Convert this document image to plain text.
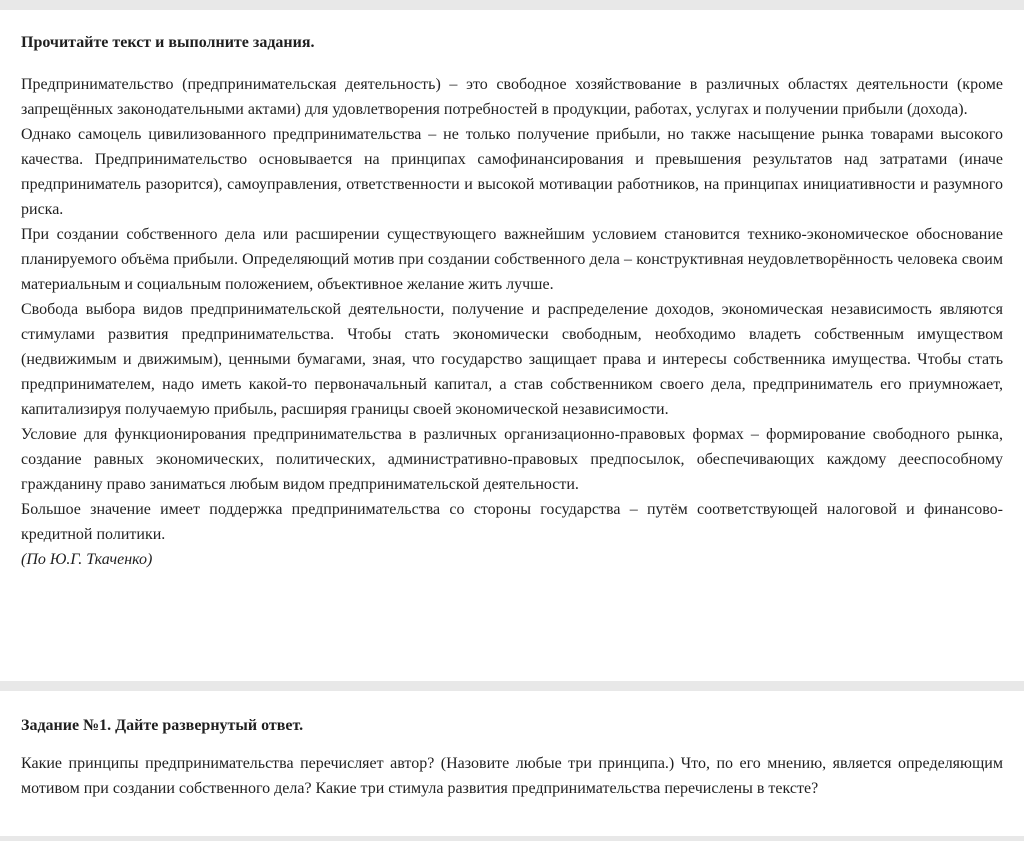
Прочитайте текст и выполните задания.

Предпринимательство (предпринимательская деятельность) – это свободное хозяйствование в различных областях деятельности (кроме запрещённых законодательными актами) для удовлетворения потребностей в продукции, работах, услугах и получении прибыли (дохода).

Однако самоцель цивилизованного предпринимательства – не только получение прибыли, но также насыщение рынка товарами высокого качества. Предпринимательство основывается на принципах самофинансирования и превышения результатов над затратами (иначе предприниматель разорится), самоуправления, ответственности и высокой мотивации работников, на принципах инициативности и разумного риска.

При создании собственного дела или расширении существующего важнейшим условием становится технико-экономическое обоснование планируемого объёма прибыли. Определяющий мотив при создании собственного дела – конструктивная неудовлетворённость человека своим материальным и социальным положением, объективное желание жить лучше.

Свобода выбора видов предпринимательской деятельности, получение и распределение доходов, экономическая независимость являются стимулами развития предпринимательства. Чтобы стать экономически свободным, необходимо владеть собственным имуществом (недвижимым и движимым), ценными бумагами, зная, что государство защищает права и интересы собственника имущества. Чтобы стать предпринимателем, надо иметь какой-то первоначальный капитал, а став собственником своего дела, предприниматель его приумножает, капитализируя получаемую прибыль, расширяя границы своей экономической независимости.

Условие для функционирования предпринимательства в различных организационно-правовых формах – формирование свободного рынка, создание равных экономических, политических, административно-правовых предпосылок, обеспечивающих каждому дееспособному гражданину право заниматься любым видом предпринимательской деятельности.

Большое значение имеет поддержка предпринимательства со стороны государства – путём соответствующей налоговой и финансово-кредитной политики.

(По Ю.Г. Ткаченко)

Задание №1. Дайте развернутый ответ.

Какие принципы предпринимательства перечисляет автор? (Назовите любые три принципа.) Что, по его мнению, является определяющим мотивом при создании собственного дела? Какие три стимула развития предпринимательства перечислены в тексте?
